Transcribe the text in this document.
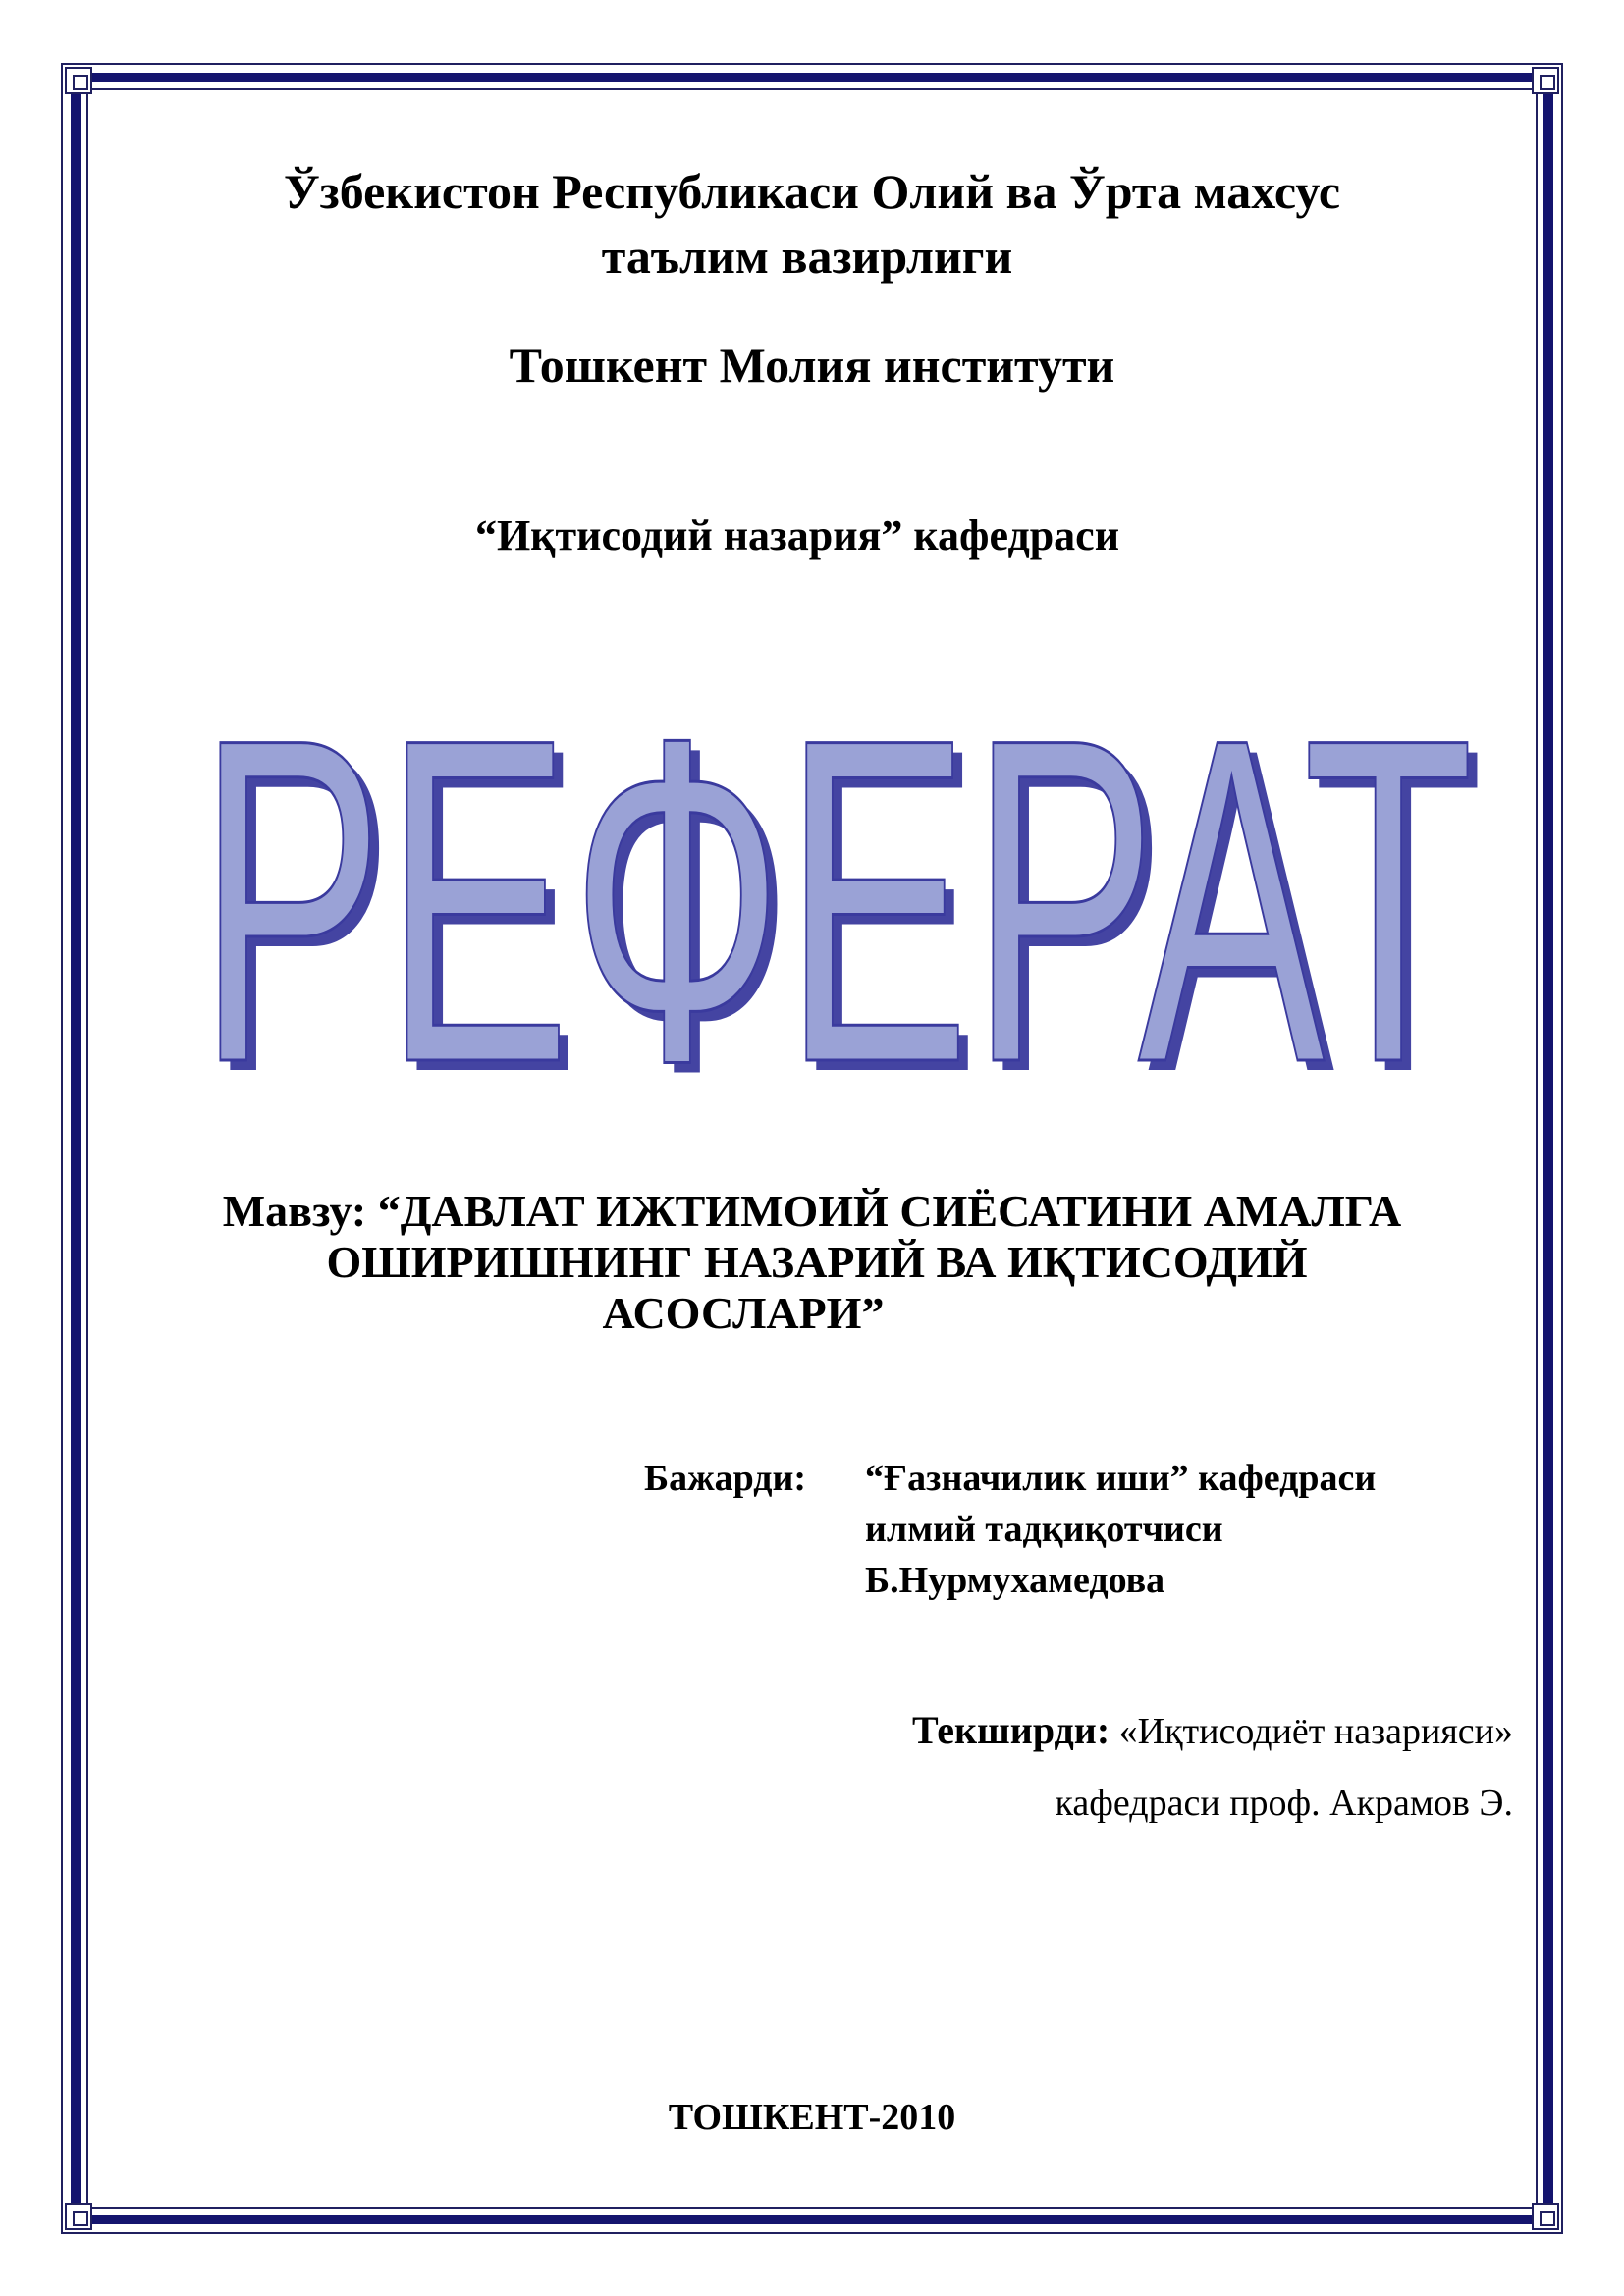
Ўзбекистон Республикаси Олий ва Ўрта махсус
таълим вазирлиги
Тошкент Молия институти
“Иқтисодий назария” кафедраси
РЕФЕРАТ
РЕФЕРАТ
Мавзу: “ДАВЛАТ ИЖТИМОИЙ СИЁСАТИНИ АМАЛГА
ОШИРИШНИНГ НАЗАРИЙ ВА ИҚТИСОДИЙ
АСОСЛАРИ”
Бажарди: “Ғазначилик иши” кафедраси
илмий тадқиқотчиси
Б.Нурмухамедова
Текширди: «Иқтисодиёт назарияси»
кафедраси проф. Акрамов Э.
ТОШКЕНТ-2010
